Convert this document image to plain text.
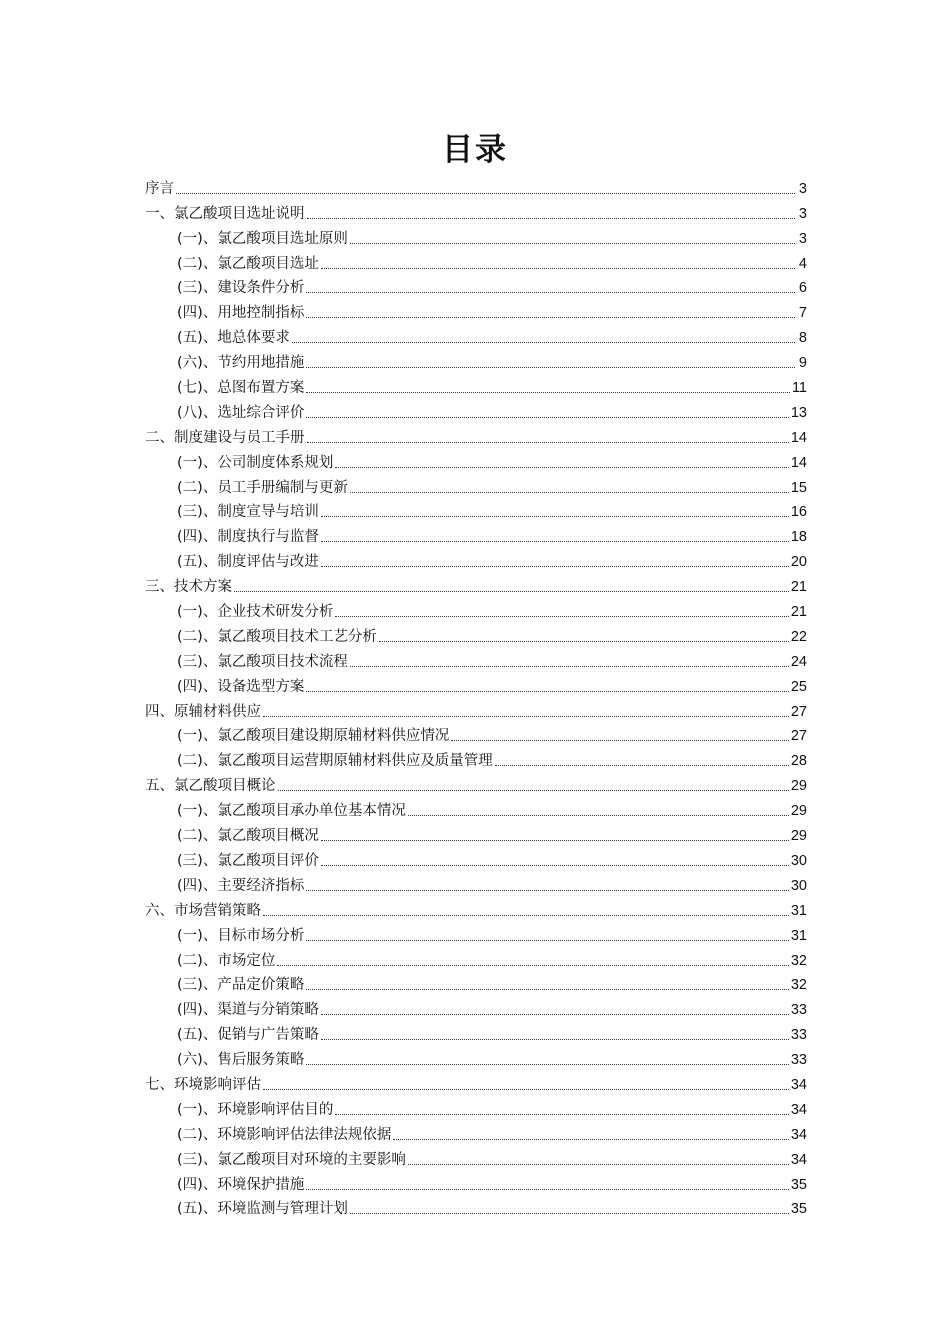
目录
序言	3
一、氯乙酸项目选址说明	3
(一)、氯乙酸项目选址原则	3
(二)、氯乙酸项目选址	4
(三)、建设条件分析	6
(四)、用地控制指标	7
(五)、地总体要求	8
(六)、节约用地措施	9
(七)、总图布置方案	11
(八)、选址综合评价	13
二、制度建设与员工手册	14
(一)、公司制度体系规划	14
(二)、员工手册编制与更新	15
(三)、制度宣导与培训	16
(四)、制度执行与监督	18
(五)、制度评估与改进	20
三、技术方案	21
(一)、企业技术研发分析	21
(二)、氯乙酸项目技术工艺分析	22
(三)、氯乙酸项目技术流程	24
(四)、设备选型方案	25
四、原辅材料供应	27
(一)、氯乙酸项目建设期原辅材料供应情况	27
(二)、氯乙酸项目运营期原辅材料供应及质量管理	28
五、氯乙酸项目概论	29
(一)、氯乙酸项目承办单位基本情况	29
(二)、氯乙酸项目概况	29
(三)、氯乙酸项目评价	30
(四)、主要经济指标	30
六、市场营销策略	31
(一)、目标市场分析	31
(二)、市场定位	32
(三)、产品定价策略	32
(四)、渠道与分销策略	33
(五)、促销与广告策略	33
(六)、售后服务策略	33
七、环境影响评估	34
(一)、环境影响评估目的	34
(二)、环境影响评估法律法规依据	34
(三)、氯乙酸项目对环境的主要影响	34
(四)、环境保护措施	35
(五)、环境监测与管理计划	35
